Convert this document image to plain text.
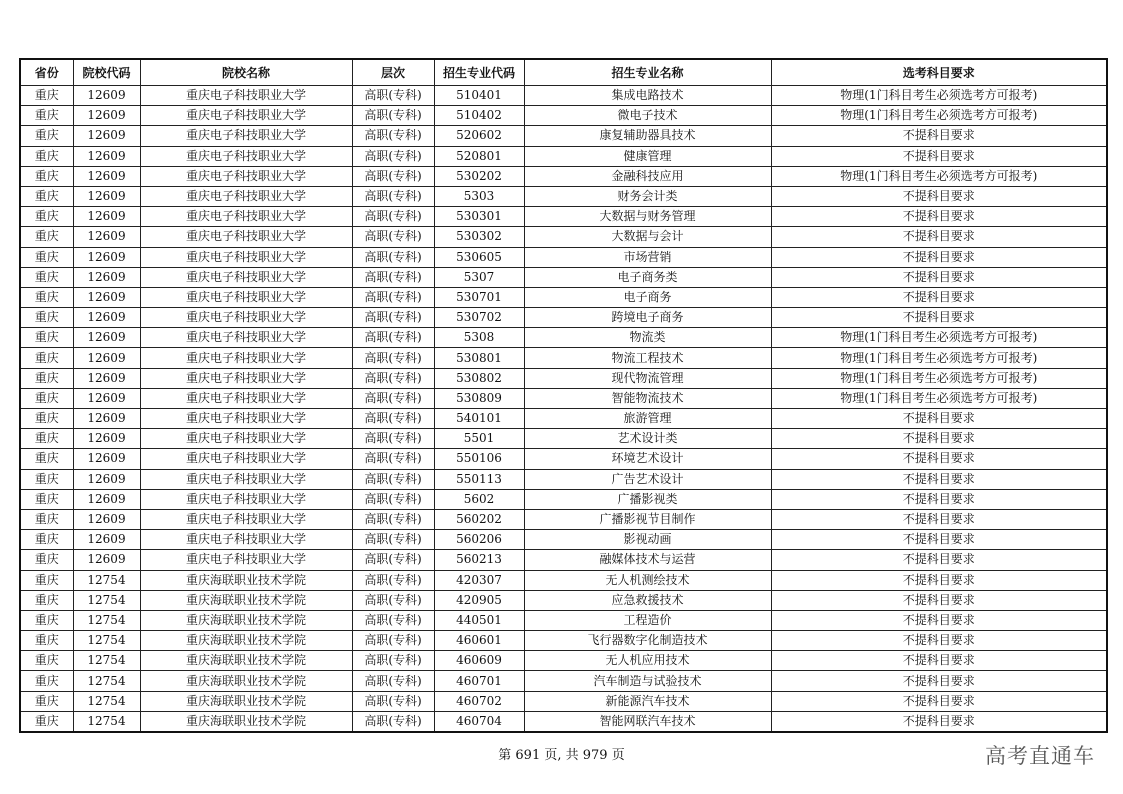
省份	院校代码	院校名称	层次	招生专业代码	招生专业名称	选考科目要求
重庆	12609	重庆电子科技职业大学	高职(专科)	510401	集成电路技术	物理(1门科目考生必须选考方可报考)
重庆	12609	重庆电子科技职业大学	高职(专科)	510402	微电子技术	物理(1门科目考生必须选考方可报考)
重庆	12609	重庆电子科技职业大学	高职(专科)	520602	康复辅助器具技术	不提科目要求
重庆	12609	重庆电子科技职业大学	高职(专科)	520801	健康管理	不提科目要求
重庆	12609	重庆电子科技职业大学	高职(专科)	530202	金融科技应用	物理(1门科目考生必须选考方可报考)
重庆	12609	重庆电子科技职业大学	高职(专科)	5303	财务会计类	不提科目要求
重庆	12609	重庆电子科技职业大学	高职(专科)	530301	大数据与财务管理	不提科目要求
重庆	12609	重庆电子科技职业大学	高职(专科)	530302	大数据与会计	不提科目要求
重庆	12609	重庆电子科技职业大学	高职(专科)	530605	市场营销	不提科目要求
重庆	12609	重庆电子科技职业大学	高职(专科)	5307	电子商务类	不提科目要求
重庆	12609	重庆电子科技职业大学	高职(专科)	530701	电子商务	不提科目要求
重庆	12609	重庆电子科技职业大学	高职(专科)	530702	跨境电子商务	不提科目要求
重庆	12609	重庆电子科技职业大学	高职(专科)	5308	物流类	物理(1门科目考生必须选考方可报考)
重庆	12609	重庆电子科技职业大学	高职(专科)	530801	物流工程技术	物理(1门科目考生必须选考方可报考)
重庆	12609	重庆电子科技职业大学	高职(专科)	530802	现代物流管理	物理(1门科目考生必须选考方可报考)
重庆	12609	重庆电子科技职业大学	高职(专科)	530809	智能物流技术	物理(1门科目考生必须选考方可报考)
重庆	12609	重庆电子科技职业大学	高职(专科)	540101	旅游管理	不提科目要求
重庆	12609	重庆电子科技职业大学	高职(专科)	5501	艺术设计类	不提科目要求
重庆	12609	重庆电子科技职业大学	高职(专科)	550106	环境艺术设计	不提科目要求
重庆	12609	重庆电子科技职业大学	高职(专科)	550113	广告艺术设计	不提科目要求
重庆	12609	重庆电子科技职业大学	高职(专科)	5602	广播影视类	不提科目要求
重庆	12609	重庆电子科技职业大学	高职(专科)	560202	广播影视节目制作	不提科目要求
重庆	12609	重庆电子科技职业大学	高职(专科)	560206	影视动画	不提科目要求
重庆	12609	重庆电子科技职业大学	高职(专科)	560213	融媒体技术与运营	不提科目要求
重庆	12754	重庆海联职业技术学院	高职(专科)	420307	无人机测绘技术	不提科目要求
重庆	12754	重庆海联职业技术学院	高职(专科)	420905	应急救援技术	不提科目要求
重庆	12754	重庆海联职业技术学院	高职(专科)	440501	工程造价	不提科目要求
重庆	12754	重庆海联职业技术学院	高职(专科)	460601	飞行器数字化制造技术	不提科目要求
重庆	12754	重庆海联职业技术学院	高职(专科)	460609	无人机应用技术	不提科目要求
重庆	12754	重庆海联职业技术学院	高职(专科)	460701	汽车制造与试验技术	不提科目要求
重庆	12754	重庆海联职业技术学院	高职(专科)	460702	新能源汽车技术	不提科目要求
重庆	12754	重庆海联职业技术学院	高职(专科)	460704	智能网联汽车技术	不提科目要求
第 691 页, 共 979 页	高考直通车
